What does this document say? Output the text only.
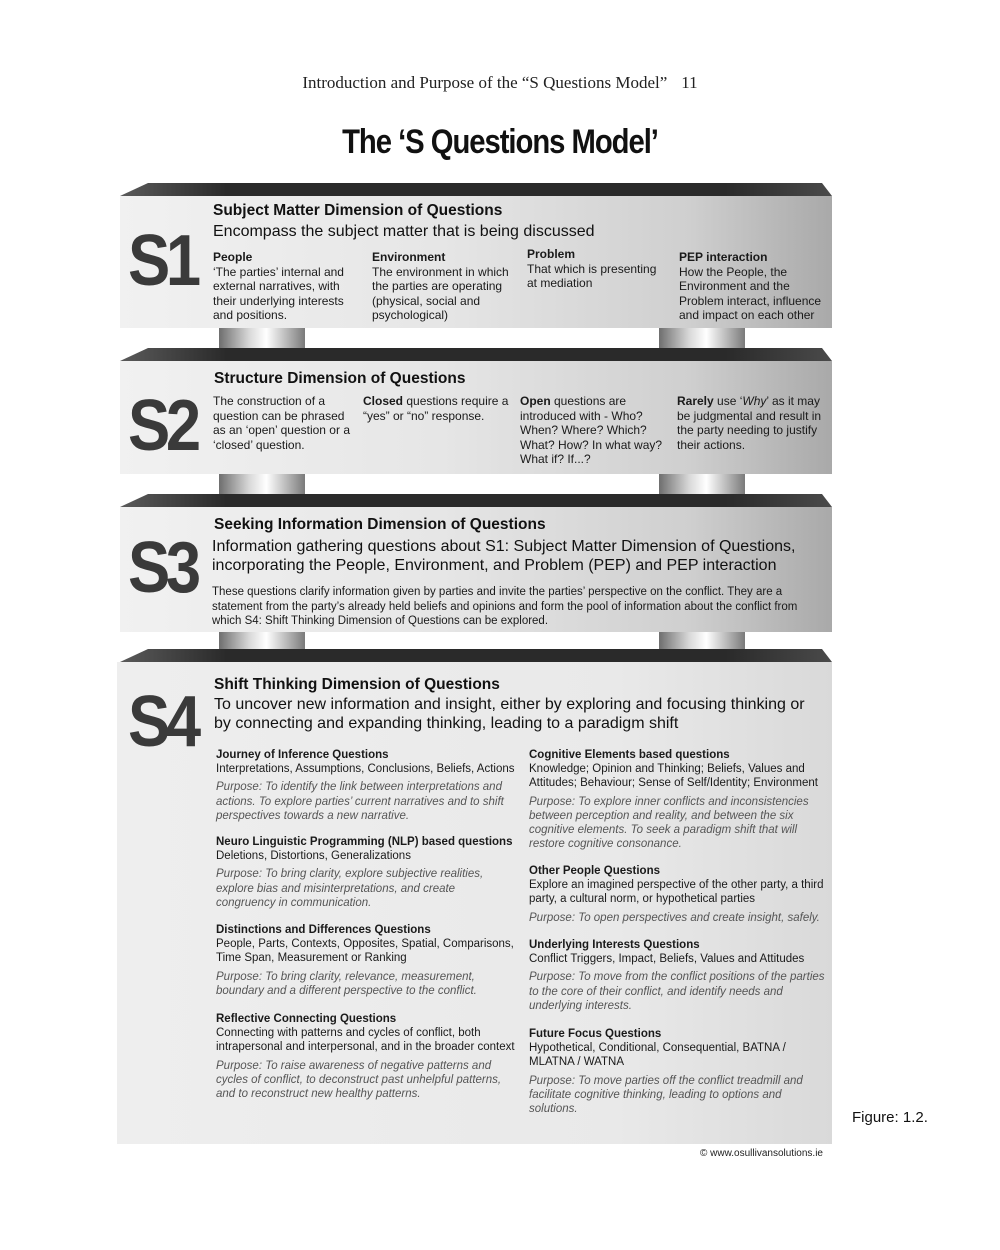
Introduction and Purpose of the “S Questions Model” 11
The ‘S Questions Model’
S1
Subject Matter Dimension of Questions
Encompass the subject matter that is being discussed
People
‘The parties’ internal and external narratives, with their underlying interests and positions.
Environment
The environment in which the parties are operating (physical, social and psychological)
Problem
That which is presenting at mediation
PEP interaction
How the People, the Environment and the Problem interact, influence and impact on each other
S2
Structure Dimension of Questions
The construction of a question can be phrased as an ‘open’ question or a ‘closed’ question.
Closed questions require a “yes” or “no” response.
Open questions are introduced with - Who? When? Where? Which? What? How? In what way? What if? If...?
Rarely use ‘Why’ as it may be judgmental and result in the party needing to justify their actions.
S3
Seeking Information Dimension of Questions
Information gathering questions about S1: Subject Matter Dimension of Questions, incorporating the People, Environment, and Problem (PEP) and PEP interaction
These questions clarify information given by parties and invite the parties’ perspective on the conflict. They are a statement from the party’s already held beliefs and opinions and form the pool of information about the conflict from which S4: Shift Thinking Dimension of Questions can be explored.
S4 Shift Thinking Dimension of Questions
To uncover new information and insight, either by exploring and focusing thinking or by connecting and expanding thinking, leading to a paradigm shift
Journey of Inference Questions
Interpretations, Assumptions, Conclusions, Beliefs, Actions
Purpose: To identify the link between interpretations and actions. To explore parties’ current narratives and to shift perspectives towards a new narrative.
Neuro Linguistic Programming (NLP) based questions
Deletions, Distortions, Generalizations
Purpose: To bring clarity, explore subjective realities, explore bias and misinterpretations, and create congruency in communication.
Distinctions and Differences Questions
People, Parts, Contexts, Opposites, Spatial, Comparisons, Time Span, Measurement or Ranking
Purpose: To bring clarity, relevance, measurement, boundary and a different perspective to the conflict.
Reflective Connecting Questions
Connecting with patterns and cycles of conflict, both intrapersonal and interpersonal, and in the broader context
Purpose: To raise awareness of negative patterns and cycles of conflict, to deconstruct past unhelpful patterns, and to reconstruct new healthy patterns.
Cognitive Elements based questions
Knowledge; Opinion and Thinking; Beliefs, Values and Attitudes; Behaviour; Sense of Self/Identity; Environment
Purpose: To explore inner conflicts and inconsistencies between perception and reality, and between the six cognitive elements. To seek a paradigm shift that will restore cognitive consonance.
Other People Questions
Explore an imagined perspective of the other party, a third party, a cultural norm, or hypothetical parties
Purpose: To open perspectives and create insight, safely.
Underlying Interests Questions
Conflict Triggers, Impact, Beliefs, Values and Attitudes
Purpose: To move from the conflict positions of the parties to the core of their conflict, and identify needs and underlying interests.
Future Focus Questions
Hypothetical, Conditional, Consequential, BATNA / MLATNA / WATNA
Purpose: To move parties off the conflict treadmill and facilitate cognitive thinking, leading to options and solutions.	Figure: 1.2.
© www.osullivansolutions.ie
